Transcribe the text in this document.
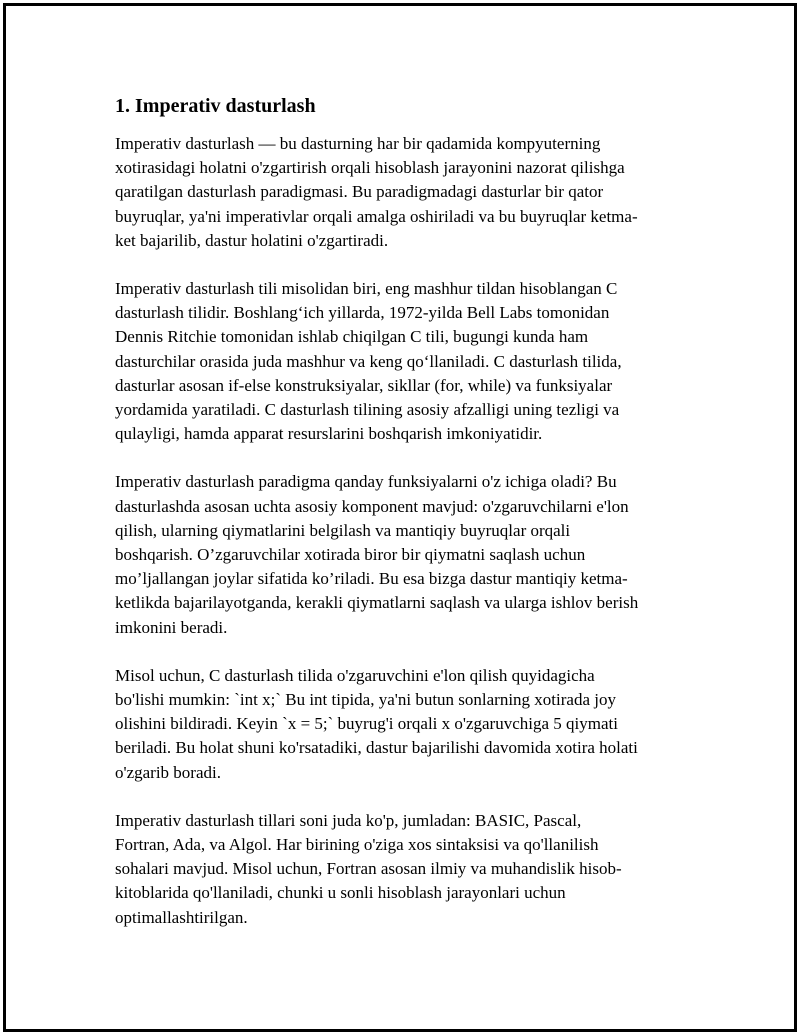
1. Imperativ dasturlash

Imperativ dasturlash — bu dasturning har bir qadamida kompyuterning
xotirasidagi holatni o'zgartirish orqali hisoblash jarayonini nazorat qilishga
qaratilgan dasturlash paradigmasi. Bu paradigmadagi dasturlar bir qator
buyruqlar, ya'ni imperativlar orqali amalga oshiriladi va bu buyruqlar ketma-
ket bajarilib, dastur holatini o'zgartiradi.

Imperativ dasturlash tili misolidan biri, eng mashhur tildan hisoblangan C
dasturlash tilidir. Boshlang‘ich yillarda, 1972-yilda Bell Labs tomonidan
Dennis Ritchie tomonidan ishlab chiqilgan C tili, bugungi kunda ham
dasturchilar orasida juda mashhur va keng qo‘llaniladi. C dasturlash tilida,
dasturlar asosan if-else konstruksiyalar, sikllar (for, while) va funksiyalar
yordamida yaratiladi. C dasturlash tilining asosiy afzalligi uning tezligi va
qulayligi, hamda apparat resurslarini boshqarish imkoniyatidir.

Imperativ dasturlash paradigma qanday funksiyalarni o'z ichiga oladi? Bu
dasturlashda asosan uchta asosiy komponent mavjud: o'zgaruvchilarni e'lon
qilish, ularning qiymatlarini belgilash va mantiqiy buyruqlar orqali
boshqarish. O’zgaruvchilar xotirada biror bir qiymatni saqlash uchun
mo’ljallangan joylar sifatida ko’riladi. Bu esa bizga dastur mantiqiy ketma-
ketlikda bajarilayotganda, kerakli qiymatlarni saqlash va ularga ishlov berish
imkonini beradi.

Misol uchun, C dasturlash tilida o'zgaruvchini e'lon qilish quyidagicha
bo'lishi mumkin: `int x;` Bu int tipida, ya'ni butun sonlarning xotirada joy
olishini bildiradi. Keyin `x = 5;` buyrug'i orqali x o'zgaruvchiga 5 qiymati
beriladi. Bu holat shuni ko'rsatadiki, dastur bajarilishi davomida xotira holati
o'zgarib boradi.

Imperativ dasturlash tillari soni juda ko'p, jumladan: BASIC, Pascal,
Fortran, Ada, va Algol. Har birining o'ziga xos sintaksisi va qo'llanilish
sohalari mavjud. Misol uchun, Fortran asosan ilmiy va muhandislik hisob-
kitoblarida qo'llaniladi, chunki u sonli hisoblash jarayonlari uchun
optimallashtirilgan.
